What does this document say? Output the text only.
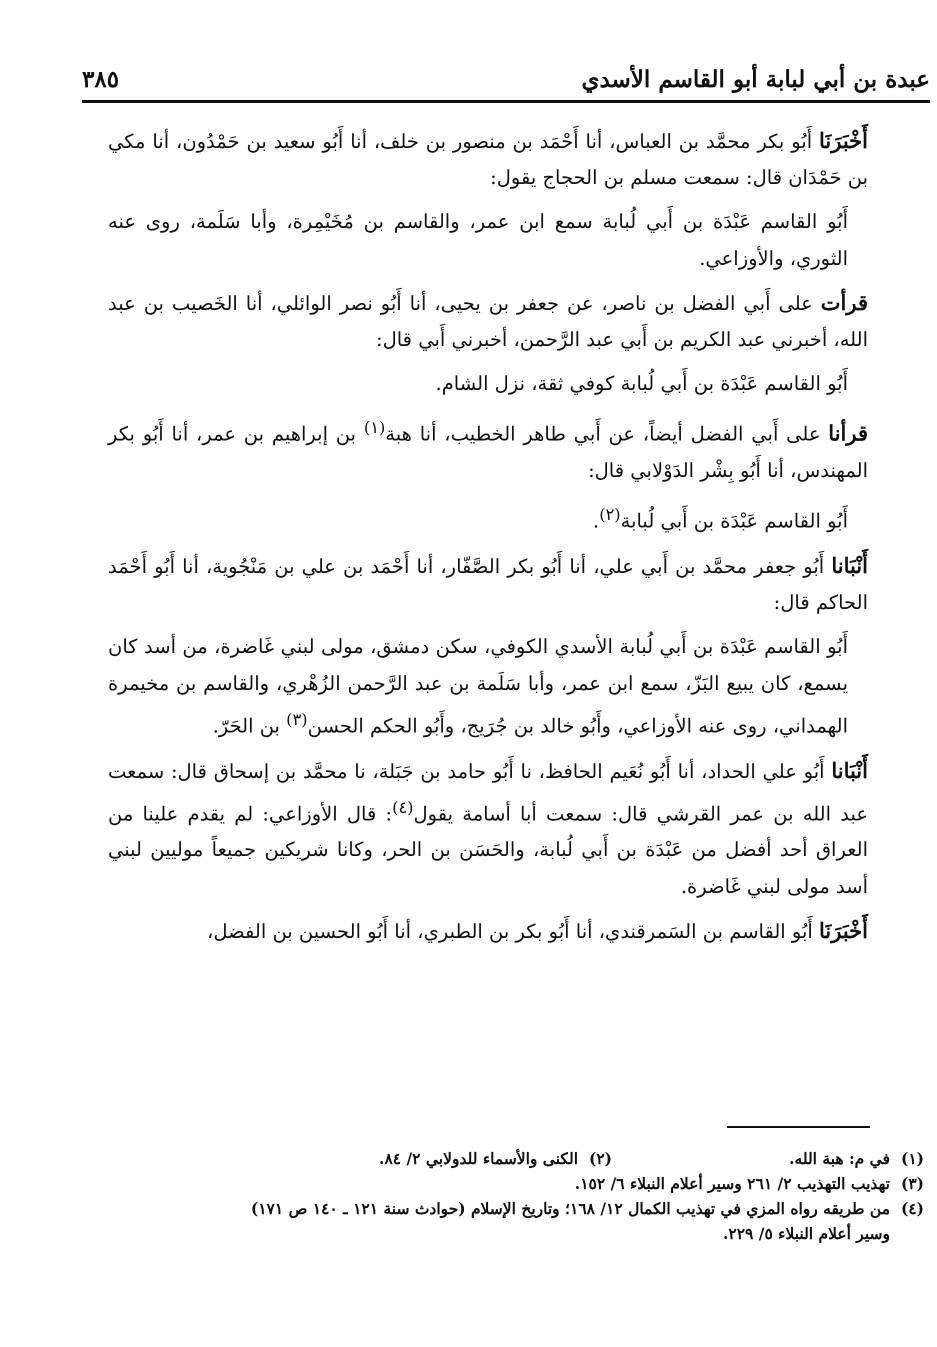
عبدة بن أبي لبابة أبو القاسم الأسدي
٣٨٥

أَخْبَرَنَا أَبُو بكر محمَّد بن العباس، أنا أَحْمَد بن منصور بن خلف، أنا أَبُو سعيد بن حَمْدُون، أنا مكي بن حَمْدَان قال: سمعت مسلم بن الحجاج يقول:

أَبُو القاسم عَبْدَة بن أَبي لُبابة سمع ابن عمر، والقاسم بن مُخَيْمِرة، وأبا سَلَمة، روى عنه الثوري، والأوزاعي.

قرأت على أَبي الفضل بن ناصر، عن جعفر بن يحيى، أنا أَبُو نصر الوائلي، أنا الخَصيب بن عبد الله، أخبرني عبد الكريم بن أَبي عبد الرَّحمن، أخبرني أَبي قال:

أَبُو القاسم عَبْدَة بن أَبي لُبابة كوفي ثقة، نزل الشام.

قرأنا على أَبي الفضل أيضاً، عن أَبي طاهر الخطيب، أنا هبة$^{(١)}$ بن إبراهيم بن عمر، أنا أَبُو بكر المهندس، أنا أَبُو بِشْر الدَوْلابي قال:

أَبُو القاسم عَبْدَة بن أَبي لُبابة$^{(٢)}$.

أَنْبَانا أَبُو جعفر محمَّد بن أَبي علي، أنا أَبُو بكر الصَّفّار، أنا أَحْمَد بن علي بن مَنْجُوية، أنا أَبُو أَحْمَد الحاكم قال:

أَبُو القاسم عَبْدَة بن أَبي لُبابة الأسدي الكوفي، سكن دمشق، مولى لبني غَاضرة، من أسد كان يسمع، كان يبيع البَزّ، سمع ابن عمر، وأبا سَلَمة بن عبد الرَّحمن الزُهْري، والقاسم بن مخيمرة الهمداني، روى عنه الأوزاعي، وأَبُو خالد بن جُرَيج، وأَبُو الحكم الحسن$^{(٣)}$ بن الحَرّ.

أَنْبَانا أَبُو علي الحداد، أنا أَبُو نُعَيم الحافظ، نا أَبُو حامد بن جَبَلة، نا محمَّد بن إسحاق قال: سمعت عبد الله بن عمر القرشي قال: سمعت أبا أسامة يقول$^{(٤)}$: قال الأوزاعي: لم يقدم علينا من العراق أحد أفضل من عَبْدَة بن أَبي لُبابة، والحَسَن بن الحر، وكانا شريكين جميعاً موليين لبني أسد مولى لبني غَاضرة.

أَخْبَرَنَا أَبُو القاسم بن السَمرقندي، أنا أَبُو بكر بن الطبري، أنا أَبُو الحسين بن الفضل،

(١)
في م: هبة الله.
(٢)
الكنى والأسماء للدولابي ٢/ ٨٤.
(٣)
تهذيب التهذيب ٢/ ٢٦١ وسير أعلام النبلاء ٦/ ١٥٢.
(٤)
من طريقه رواه المزي في تهذيب الكمال ١٢/ ١٦٨؛ وتاريخ الإسلام (حوادث سنة ١٢١ ـ ١٤٠ ص ١٧١)
وسير أعلام النبلاء ٥/ ٢٢٩.
